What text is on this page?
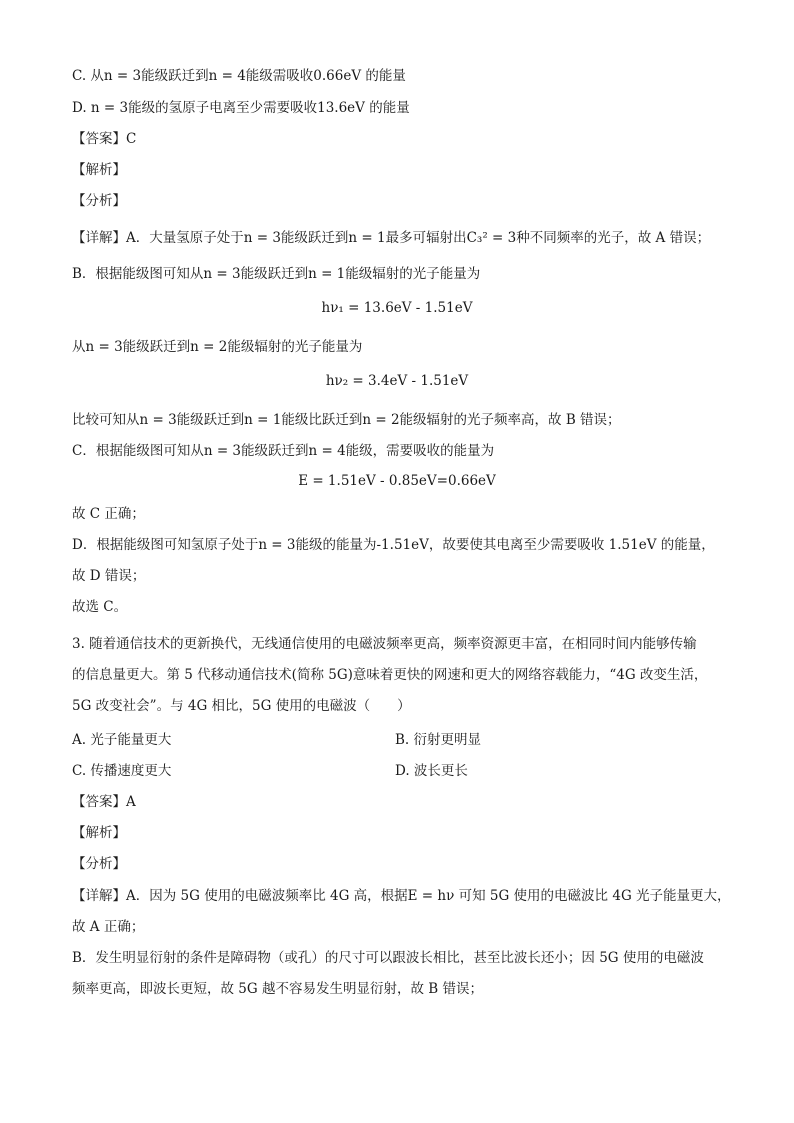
C. 从n = 3能级跃迁到n = 4能级需吸收0.66eV 的能量
D. n = 3能级的氢原子电离至少需要吸收13.6eV 的能量
【答案】C
【解析】
【分析】
【详解】A．大量氢原子处于n = 3能级跃迁到n = 1最多可辐射出C₃² = 3种不同频率的光子，故 A 错误；
B．根据能级图可知从n = 3能级跃迁到n = 1能级辐射的光子能量为
hν₁ = 13.6eV - 1.51eV
从n = 3能级跃迁到n = 2能级辐射的光子能量为
hν₂ = 3.4eV - 1.51eV
比较可知从n = 3能级跃迁到n = 1能级比跃迁到n = 2能级辐射的光子频率高，故 B 错误；
C．根据能级图可知从n = 3能级跃迁到n = 4能级，需要吸收的能量为
E = 1.51eV - 0.85eV=0.66eV
故 C 正确；
D．根据能级图可知氢原子处于n = 3能级的能量为-1.51eV，故要使其电离至少需要吸收 1.51eV 的能量，
故 D 错误；
故选 C。
3. 随着通信技术的更新换代，无线通信使用的电磁波频率更高，频率资源更丰富，在相同时间内能够传输
的信息量更大。第 5 代移动通信技术(简称 5G)意味着更快的网速和更大的网络容载能力，“4G 改变生活，
5G 改变社会”。与 4G 相比，5G 使用的电磁波（　　）
A. 光子能量更大	B. 衍射更明显
C. 传播速度更大	D. 波长更长
【答案】A
【解析】
【分析】
【详解】A．因为 5G 使用的电磁波频率比 4G 高，根据E = hν 可知 5G 使用的电磁波比 4G 光子能量更大，
故 A 正确；
B．发生明显衍射的条件是障碍物（或孔）的尺寸可以跟波长相比，甚至比波长还小；因 5G 使用的电磁波
频率更高，即波长更短，故 5G 越不容易发生明显衍射，故 B 错误；
